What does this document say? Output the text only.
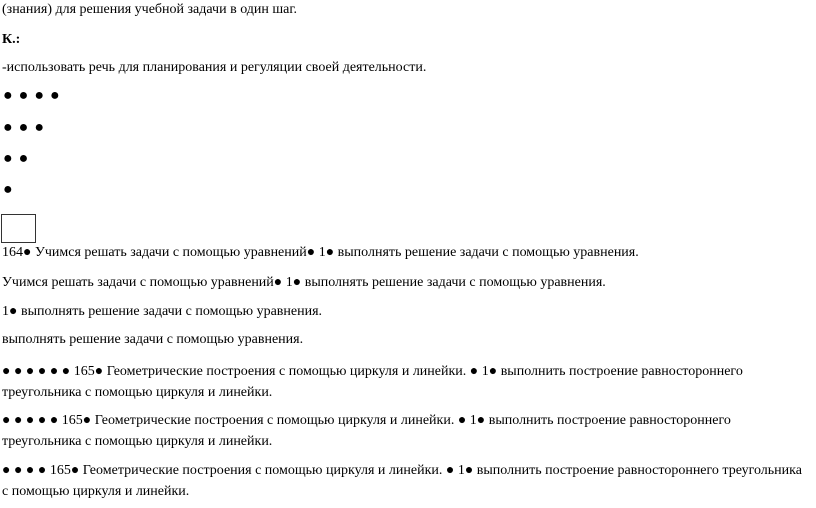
(знания) для решения учебной задачи в один шаг.
К.:
-использовать речь для планирования и регуляции своей деятельности.
● ● ● ●
● ● ●
● ●
●
164● Учимся решать задачи с помощью уравнений● 1● выполнять решение задачи с помощью уравнения.
Учимся решать задачи с помощью уравнений● 1● выполнять решение задачи с помощью уравнения.
1● выполнять решение задачи с помощью уравнения.
выполнять решение задачи с помощью уравнения.
● ● ● ● ● ● 165● Геометрические построения с помощью циркуля и линейки. ● 1● выполнить построение равностороннего треугольника с помощью циркуля и линейки.
● ● ● ● ● 165● Геометрические построения с помощью циркуля и линейки. ● 1● выполнить построение равностороннего треугольника с помощью циркуля и линейки.
● ● ● ● 165● Геометрические построения с помощью циркуля и линейки. ● 1● выполнить построение равностороннего треугольника с помощью циркуля и линейки.
